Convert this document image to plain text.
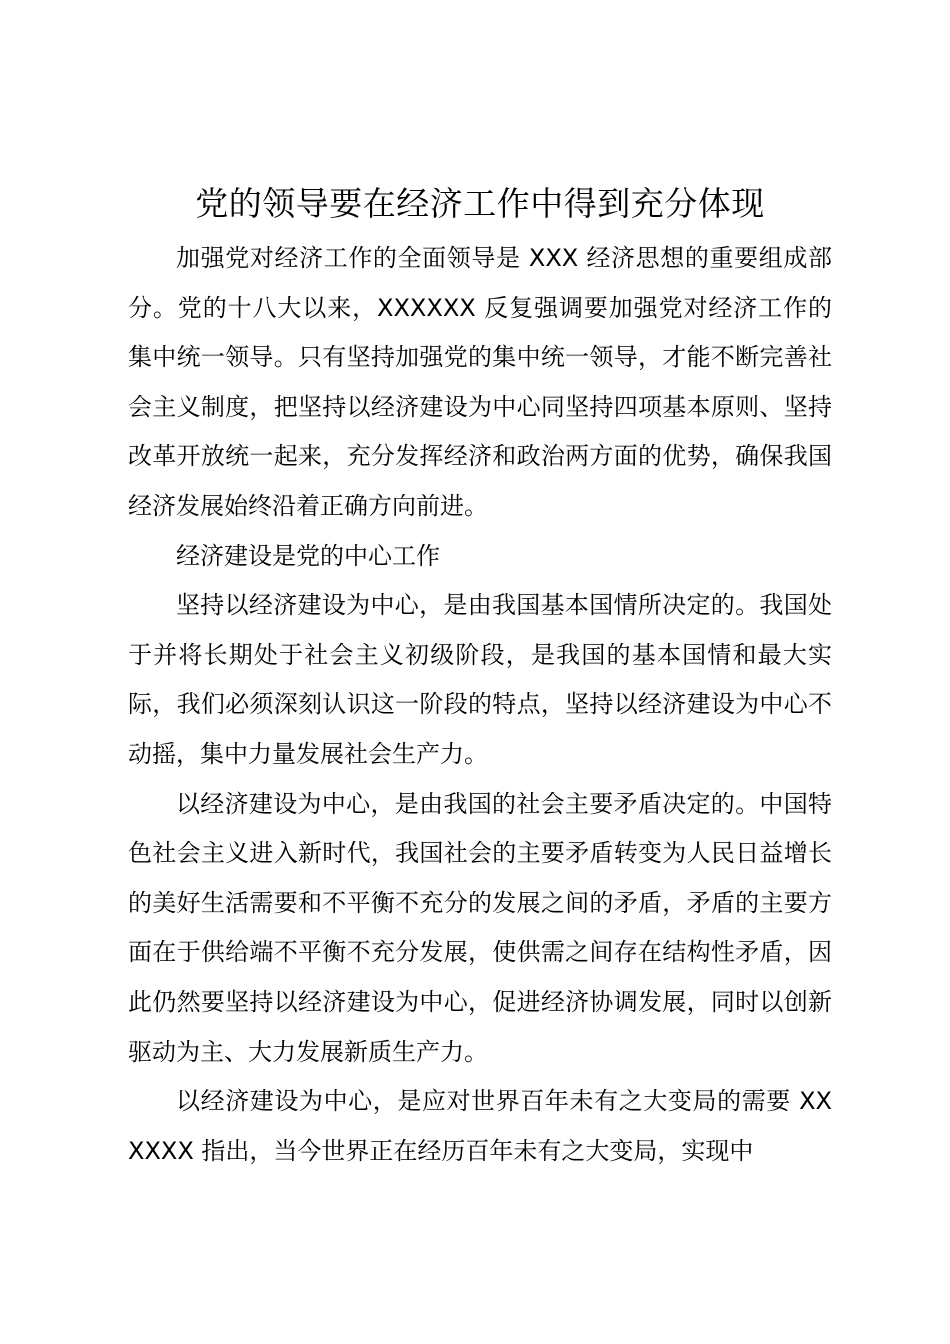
党的领导要在经济工作中得到充分体现

加强党对经济工作的全面领导是 XXX 经济思想的重要组成部分。党的十八大以来，XXXXXX 反复强调要加强党对经济工作的集中统一领导。只有坚持加强党的集中统一领导，才能不断完善社会主义制度，把坚持以经济建设为中心同坚持四项基本原则、坚持改革开放统一起来，充分发挥经济和政治两方面的优势，确保我国经济发展始终沿着正确方向前进。

经济建设是党的中心工作

坚持以经济建设为中心，是由我国基本国情所决定的。我国处于并将长期处于社会主义初级阶段，是我国的基本国情和最大实际，我们必须深刻认识这一阶段的特点，坚持以经济建设为中心不动摇，集中力量发展社会生产力。

以经济建设为中心，是由我国的社会主要矛盾决定的。中国特色社会主义进入新时代，我国社会的主要矛盾转变为人民日益增长的美好生活需要和不平衡不充分的发展之间的矛盾，矛盾的主要方面在于供给端不平衡不充分发展，使供需之间存在结构性矛盾，因此仍然要坚持以经济建设为中心，促进经济协调发展，同时以创新驱动为主、大力发展新质生产力。

以经济建设为中心，是应对世界百年未有之大变局的需要 XXXXXX 指出，当今世界正在经历百年未有之大变局，实现中
